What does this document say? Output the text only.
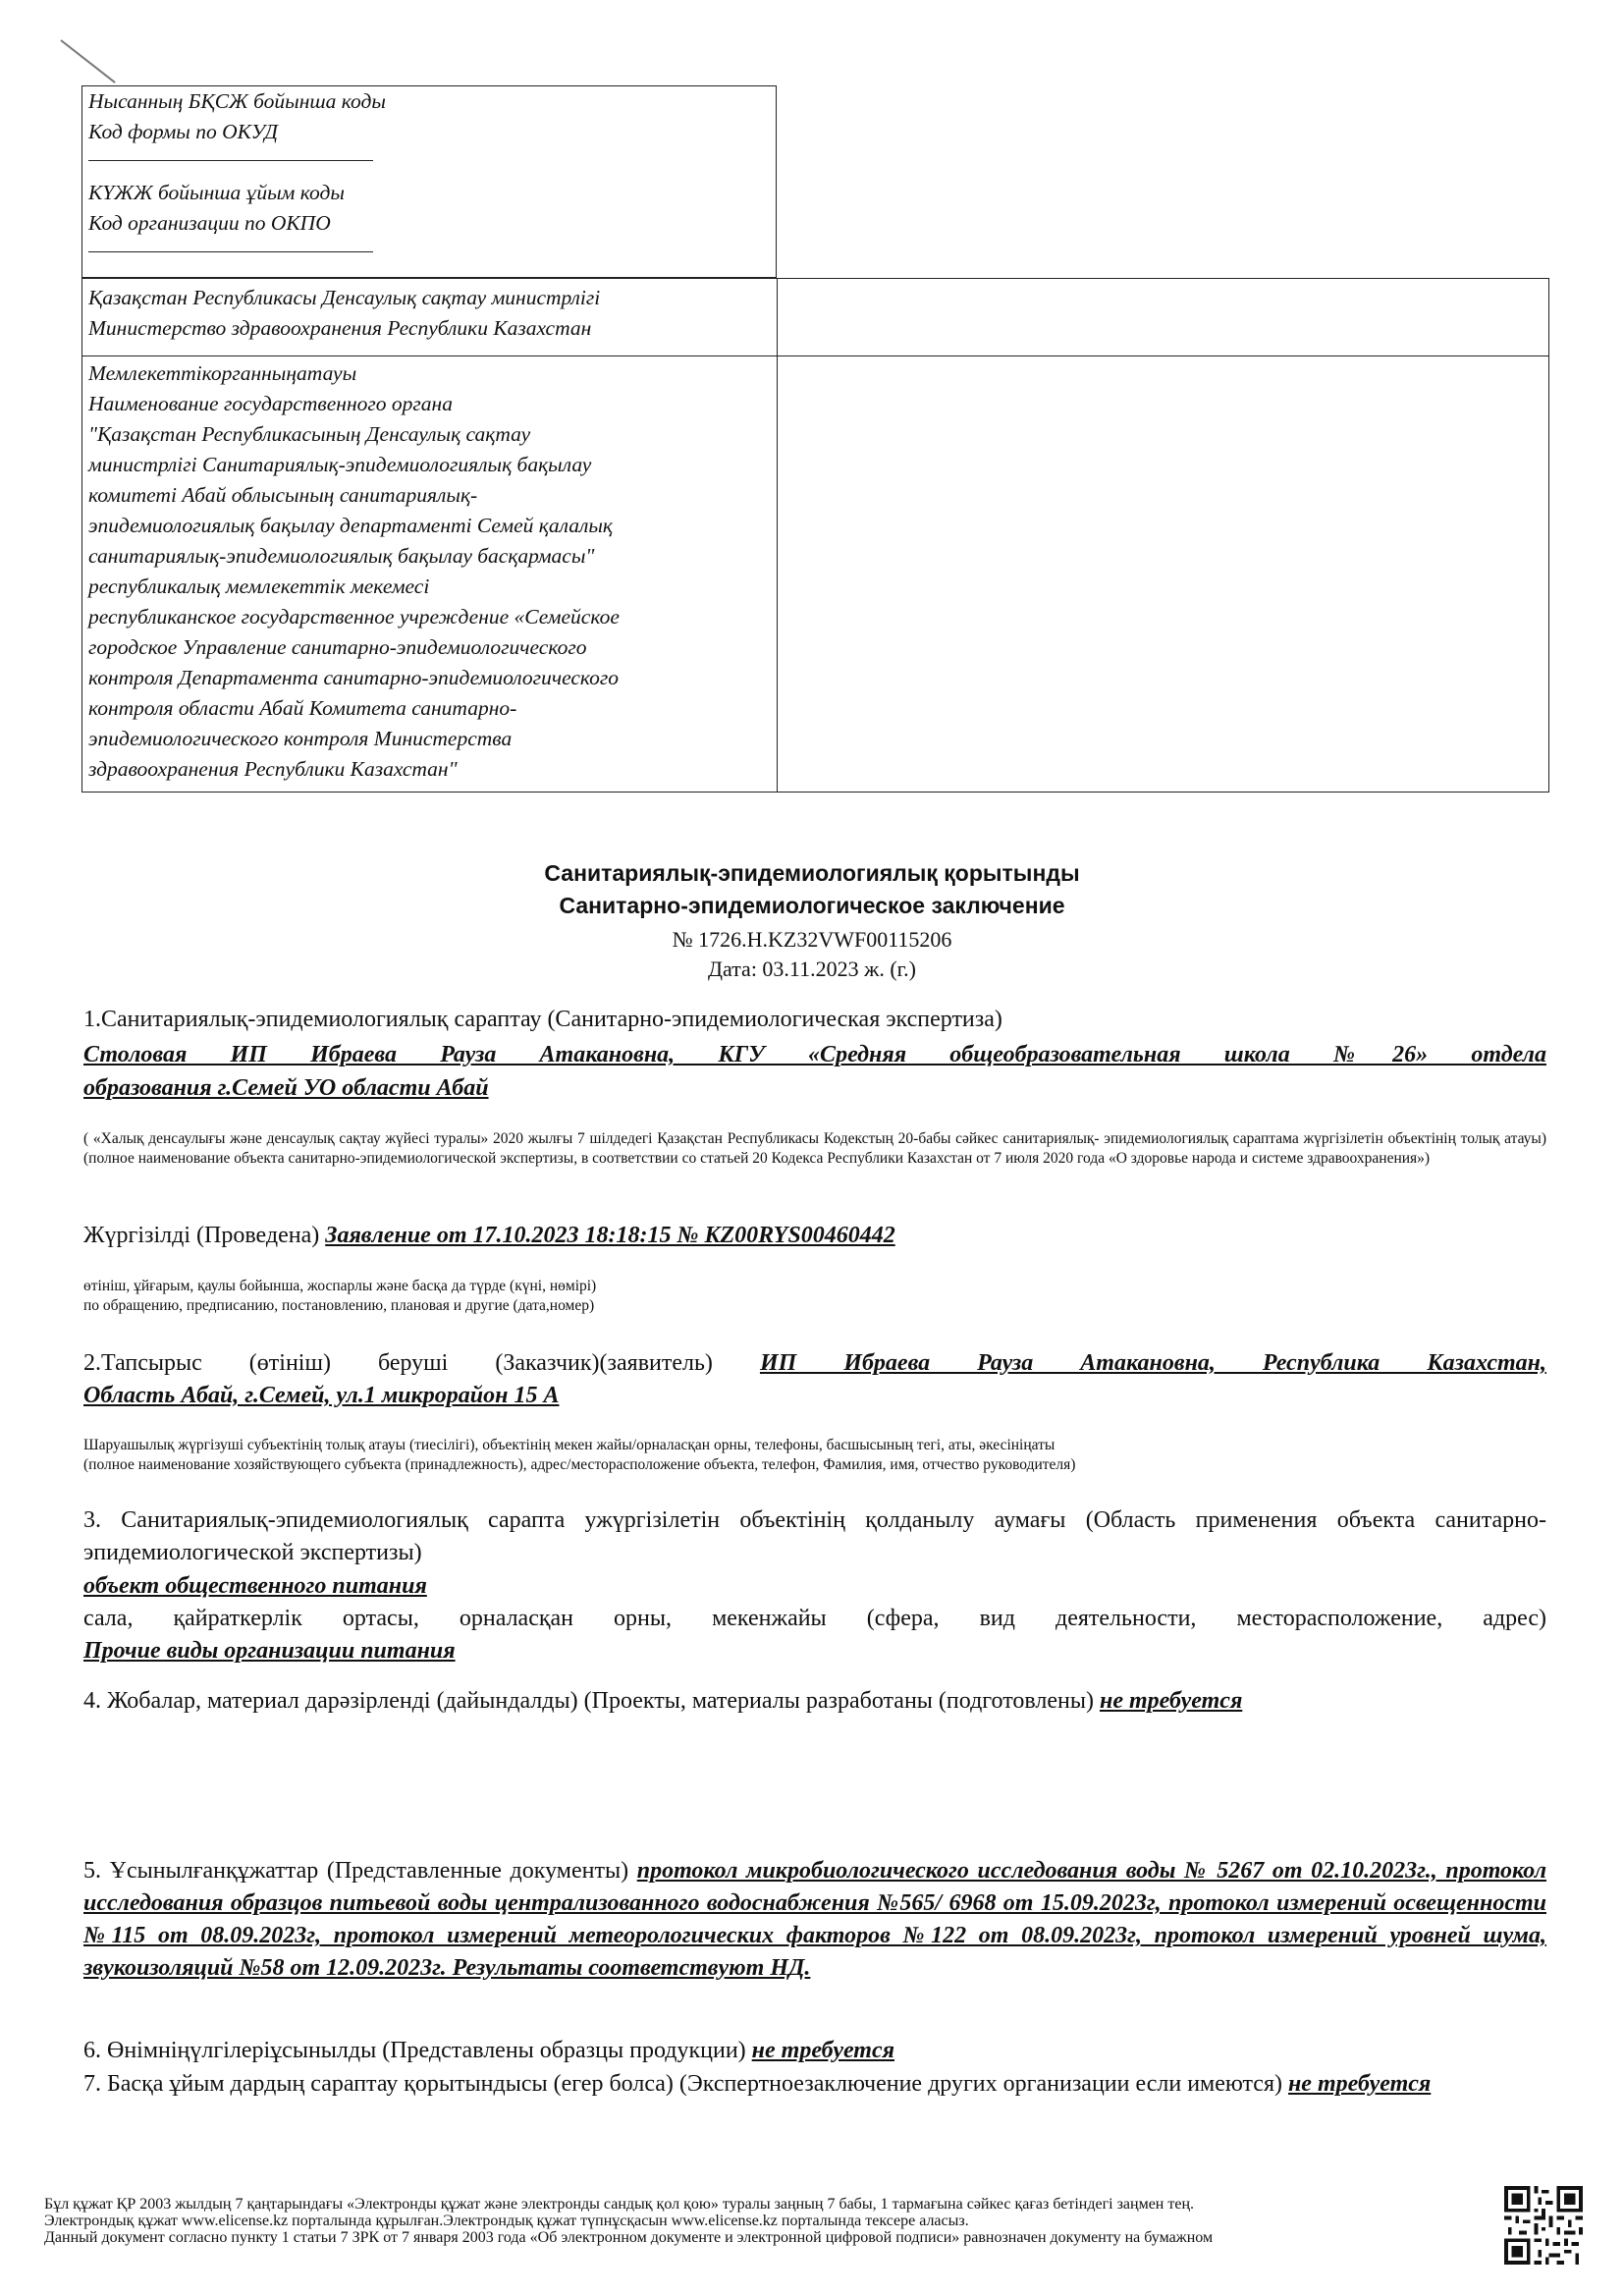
Нысанның БҚСЖ бойынша коды
Код формы по ОКУД
КҮЖЖ бойынша ұйым коды
Код организации по ОКПО
Қазақстан Республикасы Денсаулық сақтау министрлігі
Министерство здравоохранения Республики Казахстан
Мемлекеттікорганныңатауы
Наименование государственного органа
"Қазақстан Республикасының Денсаулық сақтау
министрлігі Санитариялық-эпидемиологиялық бақылау
комитеті Абай облысының санитариялық-
эпидемиологиялық бақылау департаменті Семей қалалық
санитариялық-эпидемиологиялық бақылау басқармасы"
республикалық мемлекеттік мекемесі
республиканское государственное учреждение «Семейское
городское Управление санитарно-эпидемиологического
контроля Департамента санитарно-эпидемиологического
контроля области Абай Комитета санитарно-
эпидемиологического контроля Министерства
здравоохранения Республики Казахстан"
Санитариялық-эпидемиологиялық қорытынды
Санитарно-эпидемиологическое заключение
№ 1726.H.KZ32VWF00115206
Дата: 03.11.2023 ж. (г.)
1.Санитариялық-эпидемиологиялық сараптау (Санитарно-эпидемиологическая экспертиза)
Столовая ИП Ибраева Рауза Атакановна, КГУ «Средняя общеобразовательная школа №26» отдела
образования г.Семей УО области Абай
( «Халық денсаулығы және денсаулық сақтау жүйесі туралы» 2020 жылғы 7 шілдедегі Қазақстан Республикасы Кодекстың 20-бабы сәйкес санитариялық- эпидемиологиялық сараптама жүргізілетін объектінің толық атауы) (полное наименование объекта санитарно-эпидемиологической экспертизы, в соответствии со статьей 20 Кодекса Республики Казахстан от 7 июля 2020 года «О здоровье народа и системе здравоохранения»)
Жүргізілді (Проведена) Заявление от 17.10.2023 18:18:15 № KZ00RYS00460442
өтініш, ұйғарым, қаулы бойынша, жоспарлы және басқа да түрде (күні, нөмірі)
по обращению, предписанию, постановлению, плановая и другие (дата,номер)
2.Тапсырыс (өтініш) беруші (Заказчик)(заявитель) ИП Ибраева Рауза Атакановна, Республика Казахстан,
Область Абай, г.Семей, ул.1 микрорайон 15 А
Шаруашылық жүргізуші субъектінің толық атауы (тиесілігі), объектінің мекен жайы/орналасқан орны, телефоны, басшысының тегі, аты, әкесініңаты
(полное наименование хозяйствующего субъекта (принадлежность), адрес/месторасположение объекта, телефон, Фамилия, имя, отчество руководителя)
3. Санитариялық-эпидемиологиялық сарапта ужүргізілетін объектінің қолданылу аумағы (Область применения объекта санитарно-эпидемиологической экспертизы)
объект общественного питания
сала, қайраткерлік ортасы, орналасқан орны, мекенжайы (сфера, вид деятельности, месторасположение, адрес)
Прочие виды организации питания
4. Жобалар, материал дарәзірленді (дайындалды) (Проекты, материалы разработаны (подготовлены) не требуется
5. Ұсынылғанқұжаттар (Представленные документы) протокол микробиологического исследования воды № 5267 от 02.10.2023г., протокол исследования образцов питьевой воды централизованного водоснабжения №565/ 6968 от 15.09.2023г, протокол измерений освещенности №115 от 08.09.2023г, протокол измерений метеорологических факторов №122 от 08.09.2023г, протокол измерений уровней шума, звукоизоляций №58 от 12.09.2023г. Результаты соответствуют НД.
6. Өнімніңүлгілеріұсынылды (Представлены образцы продукции) не требуется
7. Басқа ұйым дардың сараптау қорытындысы (егер болса) (Экспертноезаключение других организации если имеются) не требуется
Бұл құжат ҚР 2003 жылдың 7 қаңтарындағы «Электронды құжат және электронды сандық қол қою» туралы заңның 7 бабы, 1 тармағына сәйкес қағаз бетіндегі заңмен тең.
Электрондық құжат www.elicense.kz порталында құрылған.Электрондық құжат түпнұсқасын www.elicense.kz порталында тексере аласыз.
Данный документ согласно пункту 1 статьи 7 ЗРК от 7 января 2003 года «Об электронном документе и электронной цифровой подписи» равнозначен документу на бумажном
